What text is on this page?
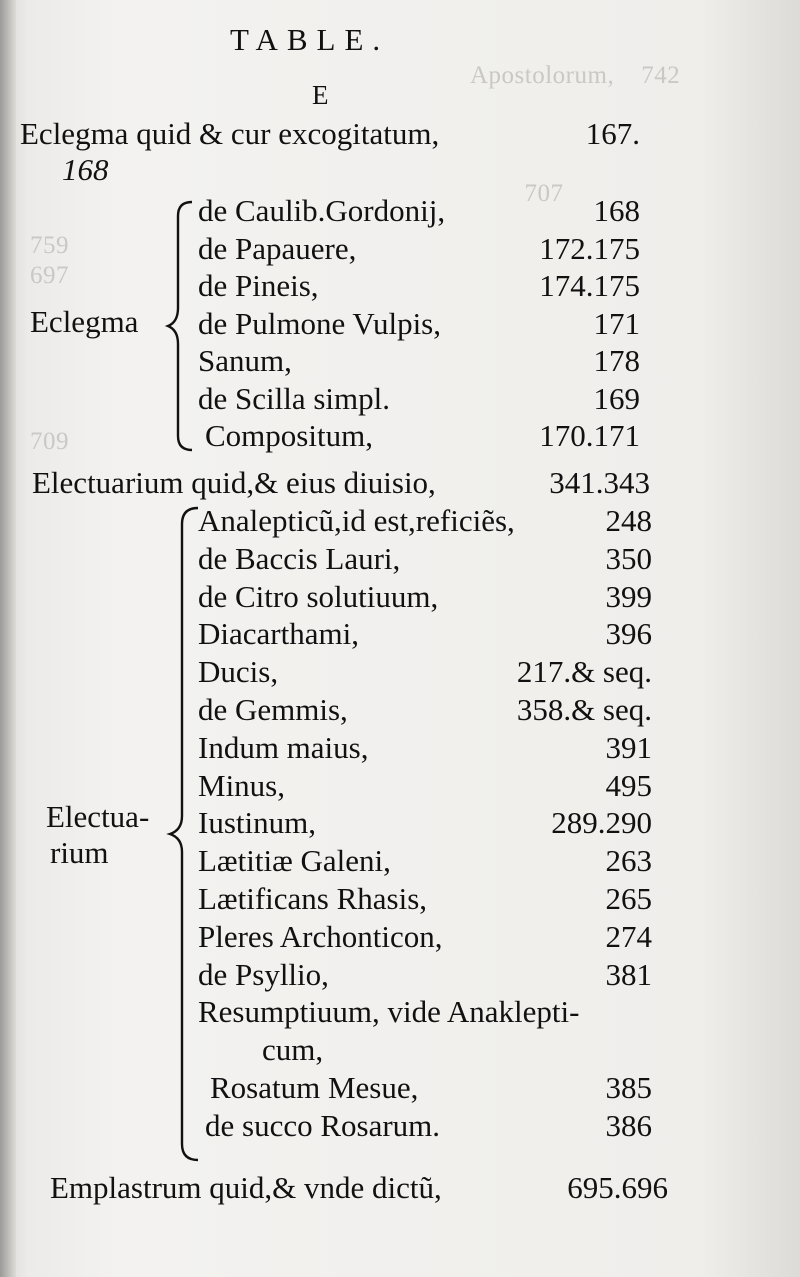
Apostolorum,    742
707
759
697
709
TABLE.
E
Eclegma quid & cur excogitatum,	167.
168
Eclegma
de Caulib.Gordonij,	168
de Papauere,	172.175
de Pineis,	174.175
de Pulmone Vulpis,	171
Sanum,	178
de Scilla simpl.	169
Compositum,	170.171
Electuarium quid,& eius diuisio,	341.343
Electua-
rium
Analepticũ,id est,reficiẽs,	248
de Baccis Lauri,	350
de Citro solutiuum,	399
Diacarthami,	396
Ducis,	217.& seq.
de Gemmis,	358.& seq.
Indum maius,	391
Minus,	495
Iustinum,	289.290
Lætitiæ Galeni,	263
Lætificans Rhasis,	265
Pleres Archonticon,	274
de Psyllio,	381
Resumptiuum, vide Anaklepti-
cum,
Rosatum Mesue,	385
de succo Rosarum.	386
Emplastrum quid,& vnde dictũ,	695.696
